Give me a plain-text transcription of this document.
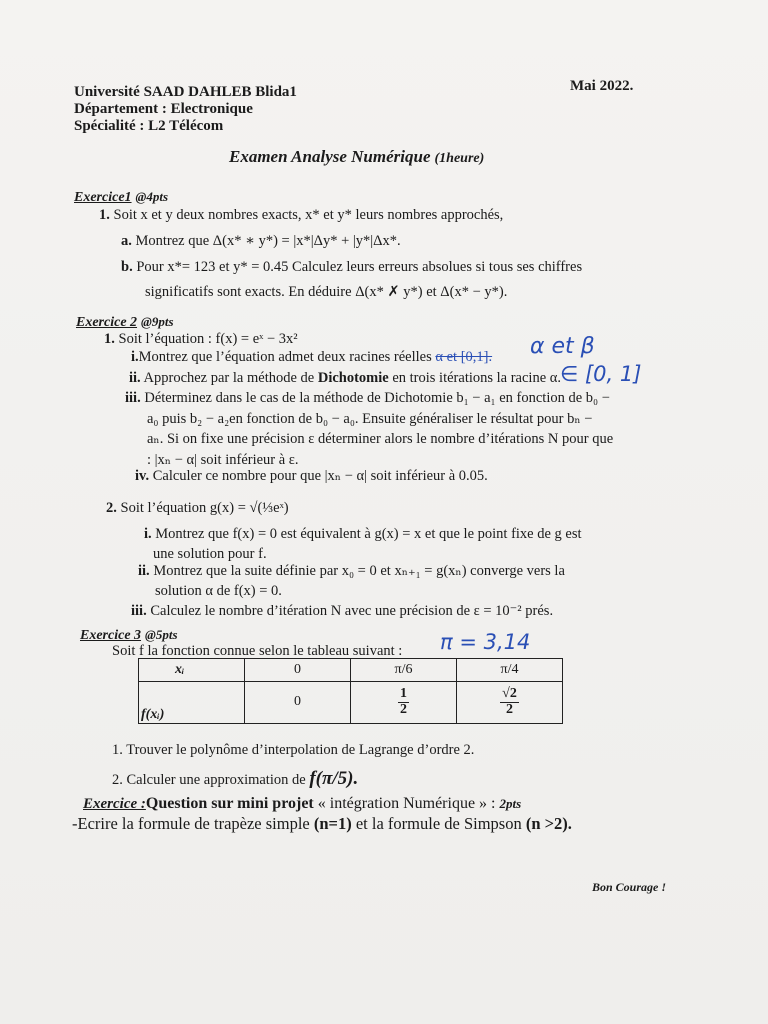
Université SAAD DAHLEB Blida1
Département : Electronique
Spécialité : L2 Télécom
Mai 2022.
Examen Analyse Numérique (1heure)
Exercice1 @4pts
1. Soit x et y deux nombres exacts, x* et y* leurs nombres approchés,
a. Montrez que Δ(x* ∗ y*) = |x*|Δy* + |y*|Δx*.
b. Pour x*= 123 et y* = 0.45 Calculez leurs erreurs absolues si tous ses chiffres
significatifs sont exacts. En déduire Δ(x* ✗ y*) et Δ(x* − y*).
Exercice 2 @9pts
1. Soit l’équation : f(x) = eˣ − 3x²
i.Montrez que l’équation admet deux racines réelles α et [0,1]. α et β
ii. Approchez par la méthode de Dichotomie en trois itérations la racine α. ∈ [0, 1]
iii. Déterminez dans le cas de la méthode de Dichotomie b₁ − a₁ en fonction de b₀ −
a₀ puis b₂ − a₂en fonction de b₀ − a₀. Ensuite généraliser le résultat pour bₙ −
aₙ. Si on fixe une précision ε déterminer alors le nombre d’itérations N pour que
: |xₙ − α| soit inférieur à ε.
iv. Calculer ce nombre pour que |xₙ − α| soit inférieur à 0.05.
2. Soit l’équation g(x) = √(⅓eˣ)
i. Montrez que f(x) = 0 est équivalent à g(x) = x et que le point fixe de g est
une solution pour f.
ii. Montrez que la suite définie par x₀ = 0 et xₙ₊₁ = g(xₙ) converge vers la
solution α de f(x) = 0.
iii. Calculez le nombre d’itération N avec une précision de ε = 10⁻² prés.
Exercice 3 @5pts
Soit f la fonction connue selon le tableau suivant : π = 3,14
xᵢ	0	π/6	π/4
f(xᵢ)	0	$\frac{1}{2}$	$\frac{√2}{2}$
1. Trouver le polynôme d’interpolation de Lagrange d’ordre 2.
2. Calculer une approximation de f(π/5).
Exercice :Question sur mini projet « intégration Numérique » : 2pts
-Ecrire la formule de trapèze simple (n=1) et la formule de Simpson (n >2).
Bon Courage !
